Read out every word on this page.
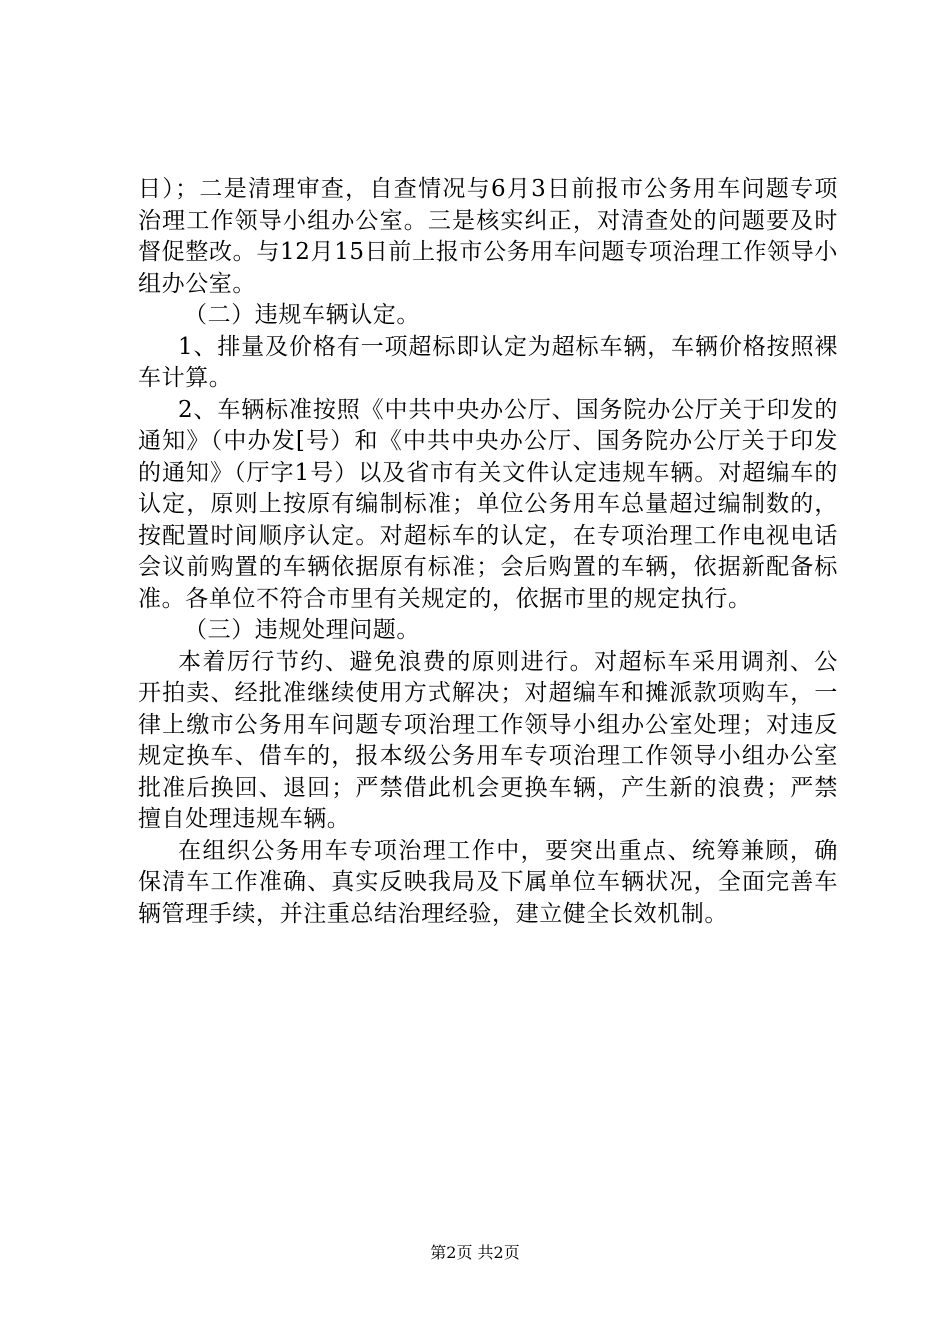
日）；二是清理审查，自查情况与6月3日前报市公务用车问题专项治理工作领导小组办公室。三是核实纠正，对清查处的问题要及时督促整改。与12月15日前上报市公务用车问题专项治理工作领导小组办公室。

（二）违规车辆认定。

1、排量及价格有一项超标即认定为超标车辆，车辆价格按照裸车计算。

2、车辆标准按照《中共中央办公厅、国务院办公厅关于印发的通知》（中办发[号）和《中共中央办公厅、国务院办公厅关于印发的通知》（厅字1号）以及省市有关文件认定违规车辆。对超编车的认定，原则上按原有编制标准；单位公务用车总量超过编制数的，按配置时间顺序认定。对超标车的认定，在专项治理工作电视电话会议前购置的车辆依据原有标准；会后购置的车辆，依据新配备标准。各单位不符合市里有关规定的，依据市里的规定执行。

（三）违规处理问题。

本着厉行节约、避免浪费的原则进行。对超标车采用调剂、公开拍卖、经批准继续使用方式解决；对超编车和摊派款项购车，一律上缴市公务用车问题专项治理工作领导小组办公室处理；对违反规定换车、借车的，报本级公务用车专项治理工作领导小组办公室批准后换回、退回；严禁借此机会更换车辆，产生新的浪费；严禁擅自处理违规车辆。

在组织公务用车专项治理工作中，要突出重点、统筹兼顾，确保清车工作准确、真实反映我局及下属单位车辆状况，全面完善车辆管理手续，并注重总结治理经验，建立健全长效机制。

第2页 共2页
